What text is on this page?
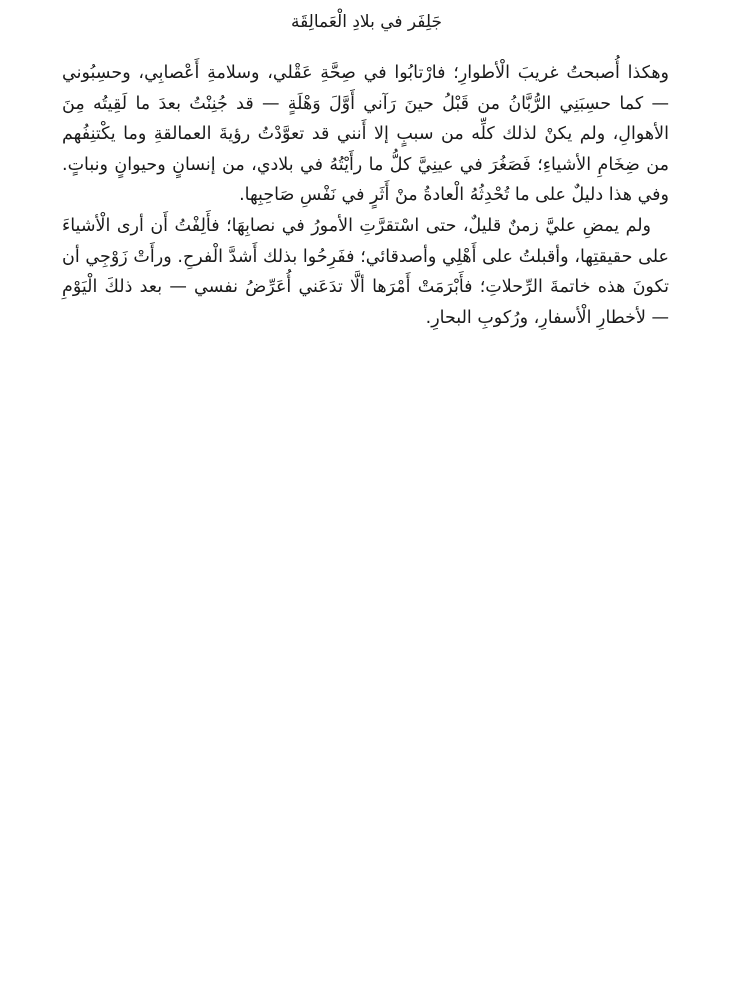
جَلِفَر في بلادِ الْعَمالِقَة

وهكذا أُصبحتُ غريبَ الْأطوارِ؛ فارْتابُوا في صِحَّةِ عَقْلي، وسلامةِ أَعْصابِي، وحسِبُوني — كما حسِبَنِي الرُّبَّانُ من قَبْلُ حينَ رَآني أَوَّلَ وَهْلَةٍ — قد جُنِنْتُ بعدَ ما لَقِيتُه مِنَ الأهوالِ، ولم يكنْ لذلك كلِّه من سببٍ إلا أَنني قد تعوَّدْتُ رؤيةَ العمالقةِ وما يكْتنِفُهم من ضِخَامِ الأشياءِ؛ فَصَغُرَ في عينِيَّ كلُّ ما رأَيْتُهُ في بلادي، من إنسانٍ وحيوانٍ ونباتٍ. وفي هذا دليلٌ على ما تُحْدِثُهُ الْعادةُ منْ أَثَرٍ في نَفْسِ صَاحِبِها.

ولم يمضِ عليَّ زمنٌ قليلٌ، حتى اسْتقرَّتِ الأمورُ في نصابِهَا؛ فأَلِفْتُ أَن أرى الْأشياءَ على حقيقتِها، وأقبلتُ على أَهْلِي وأصدقائي؛ ففَرِحُوا بذلك أَشدَّ الْفرحِ. ورأَتْ زَوْجِي أن تكونَ هذه خاتمةَ الرِّحلاتِ؛ فأَبْرَمَتْ أَمْرَها ألَّا تدَعَني أُعَرِّضُ نفسي — بعد ذلكَ الْيَوْمِ — لأخطارِ الْأسفارِ، ورُكوبِ البحارِ.
